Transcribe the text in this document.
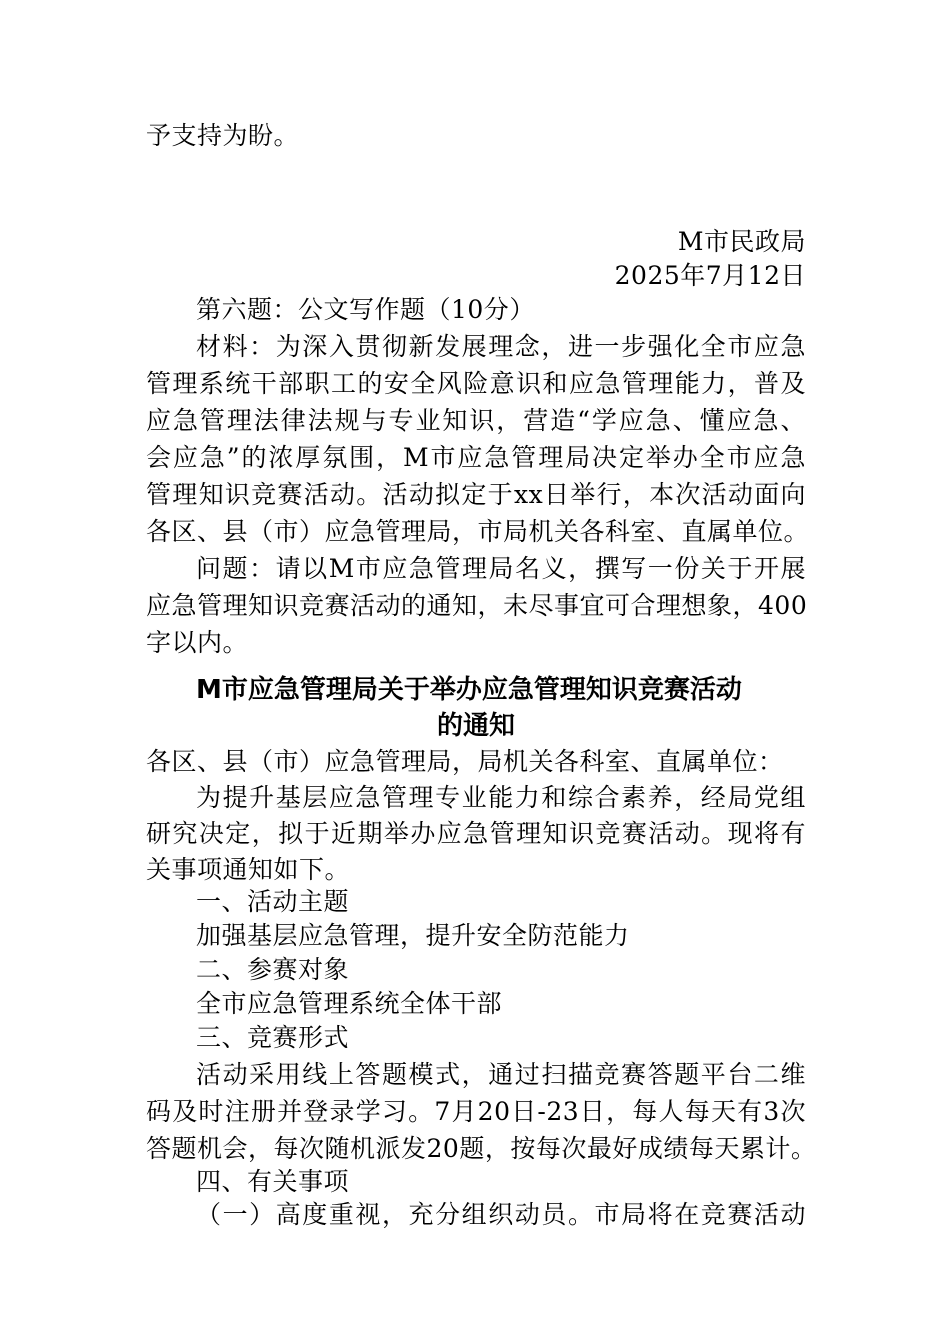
予支持为盼。
M市民政局
2025年7月12日
第六题：公文写作题（10分）
材料：为深入贯彻新发展理念，进一步强化全市应急
管理系统干部职工的安全风险意识和应急管理能力，普及
应急管理法律法规与专业知识，营造“学应急、懂应急、
会应急”的浓厚氛围，M市应急管理局决定举办全市应急
管理知识竞赛活动。活动拟定于xx日举行，本次活动面向
各区、县（市）应急管理局，市局机关各科室、直属单位。
问题：请以M市应急管理局名义，撰写一份关于开展
应急管理知识竞赛活动的通知，未尽事宜可合理想象，400
字以内。
M市应急管理局关于举办应急管理知识竞赛活动
的通知
各区、县（市）应急管理局，局机关各科室、直属单位：
为提升基层应急管理专业能力和综合素养，经局党组
研究决定，拟于近期举办应急管理知识竞赛活动。现将有
关事项通知如下。
一、活动主题
加强基层应急管理，提升安全防范能力
二、参赛对象
全市应急管理系统全体干部
三、竞赛形式
活动采用线上答题模式，通过扫描竞赛答题平台二维
码及时注册并登录学习。7月20日-23日，每人每天有3次
答题机会，每次随机派发20题，按每次最好成绩每天累计。
四、有关事项
（一）高度重视，充分组织动员。市局将在竞赛活动
